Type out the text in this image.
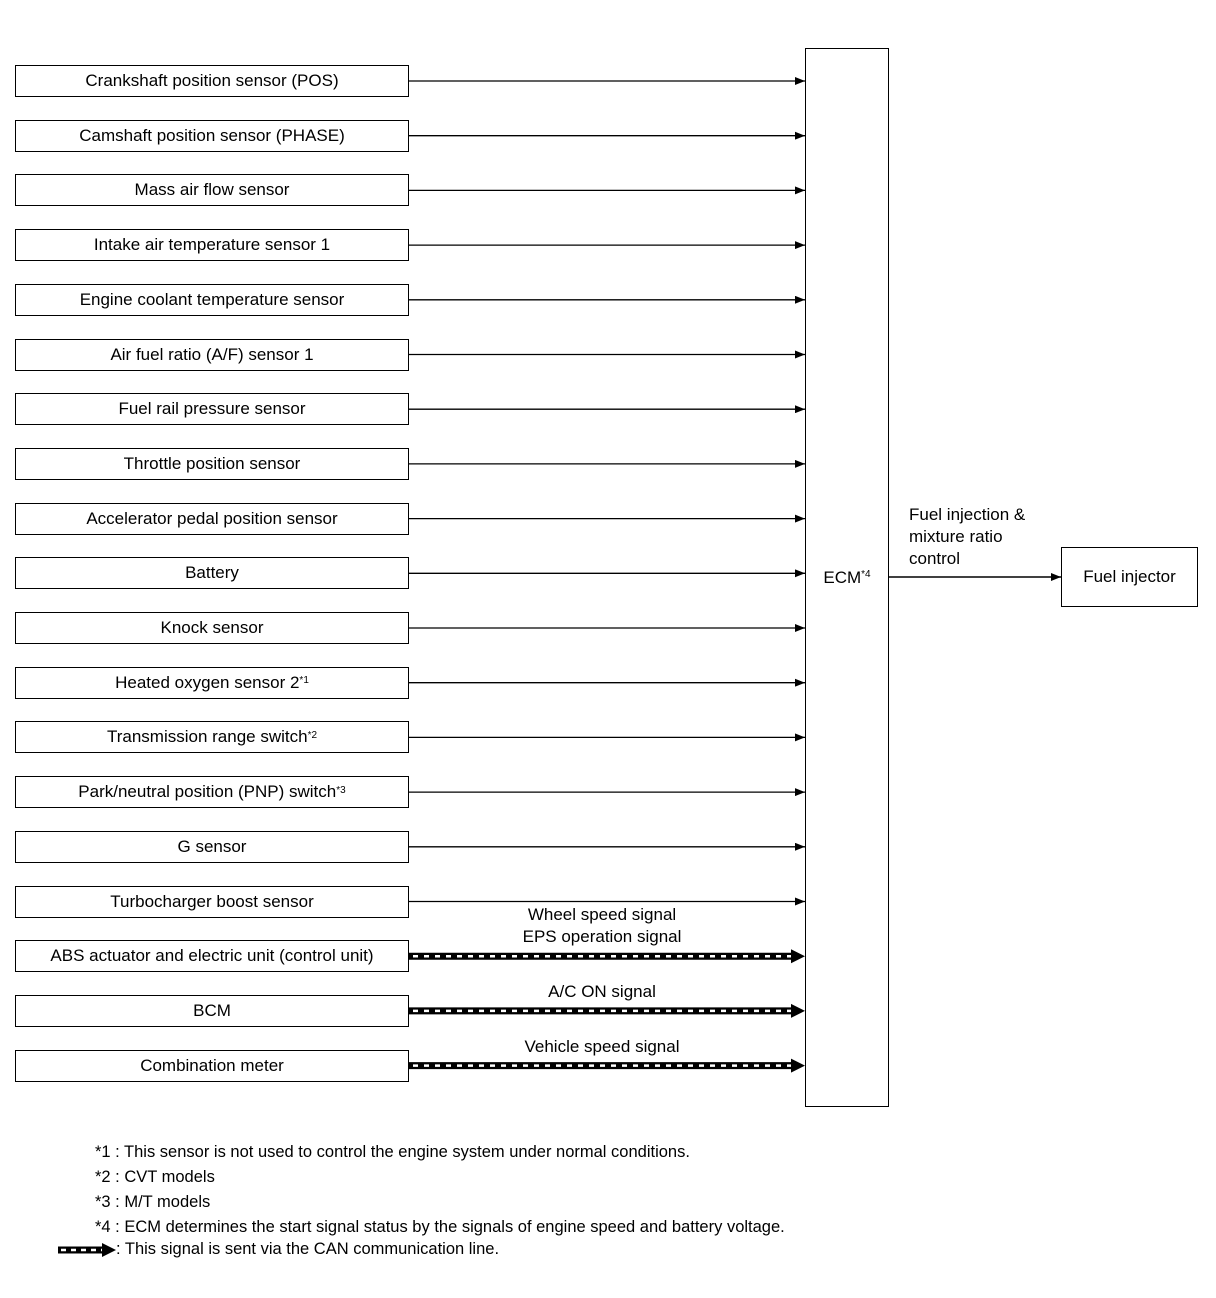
Crankshaft position sensor (POS)
Camshaft position sensor (PHASE)
Mass air flow sensor
Intake air temperature sensor 1
Engine coolant temperature sensor
Air fuel ratio (A/F) sensor 1
Fuel rail pressure sensor
Throttle position sensor
Accelerator pedal position sensor
Battery
Knock sensor
Heated oxygen sensor 2$^{*1}$
Transmission range switch$^{*2}$
Park/neutral position (PNP) switch$^{*3}$
G sensor
Turbocharger boost sensor
ABS actuator and electric unit (control unit)
Wheel speed signal
EPS operation signal
BCM
A/C ON signal
Combination meter
Vehicle speed signal
ECM$^{*4}$
Fuel injection &
mixture ratio
control
Fuel injector
*1 : This sensor is not used to control the engine system under normal conditions.
*2 : CVT models
*3 : M/T models
*4 : ECM determines the start signal status by the signals of engine speed and battery voltage.
: This signal is sent via the CAN communication line.
